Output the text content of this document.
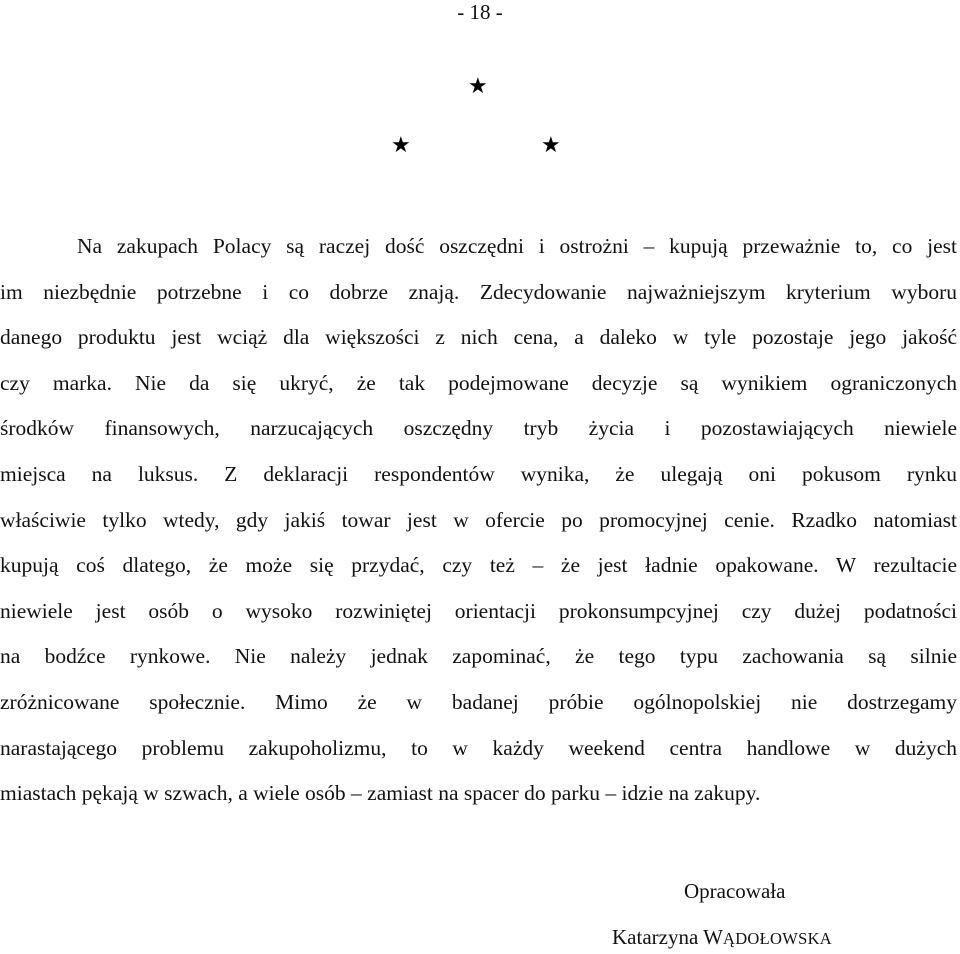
- 18 -
★
★	★
Na zakupach Polacy są raczej dość oszczędni i ostrożni – kupują przeważnie to, co jest
im niezbędnie potrzebne i co dobrze znają. Zdecydowanie najważniejszym kryterium wyboru
danego produktu jest wciąż dla większości z nich cena, a daleko w tyle pozostaje jego jakość
czy marka. Nie da się ukryć, że tak podejmowane decyzje są wynikiem ograniczonych
środków finansowych, narzucających oszczędny tryb życia i pozostawiających niewiele
miejsca na luksus. Z deklaracji respondentów wynika, że ulegają oni pokusom rynku
właściwie tylko wtedy, gdy jakiś towar jest w ofercie po promocyjnej cenie. Rzadko natomiast
kupują coś dlatego, że może się przydać, czy też – że jest ładnie opakowane. W rezultacie
niewiele jest osób o wysoko rozwiniętej orientacji prokonsumpcyjnej czy dużej podatności
na bodźce rynkowe. Nie należy jednak zapominać, że tego typu zachowania są silnie
zróżnicowane społecznie. Mimo że w badanej próbie ogólnopolskiej nie dostrzegamy
narastającego problemu zakupoholizmu, to w każdy weekend centra handlowe w dużych
miastach pękają w szwach, a wiele osób – zamiast na spacer do parku – idzie na zakupy.
Opracowała
Katarzyna WĄDOŁOWSKA
